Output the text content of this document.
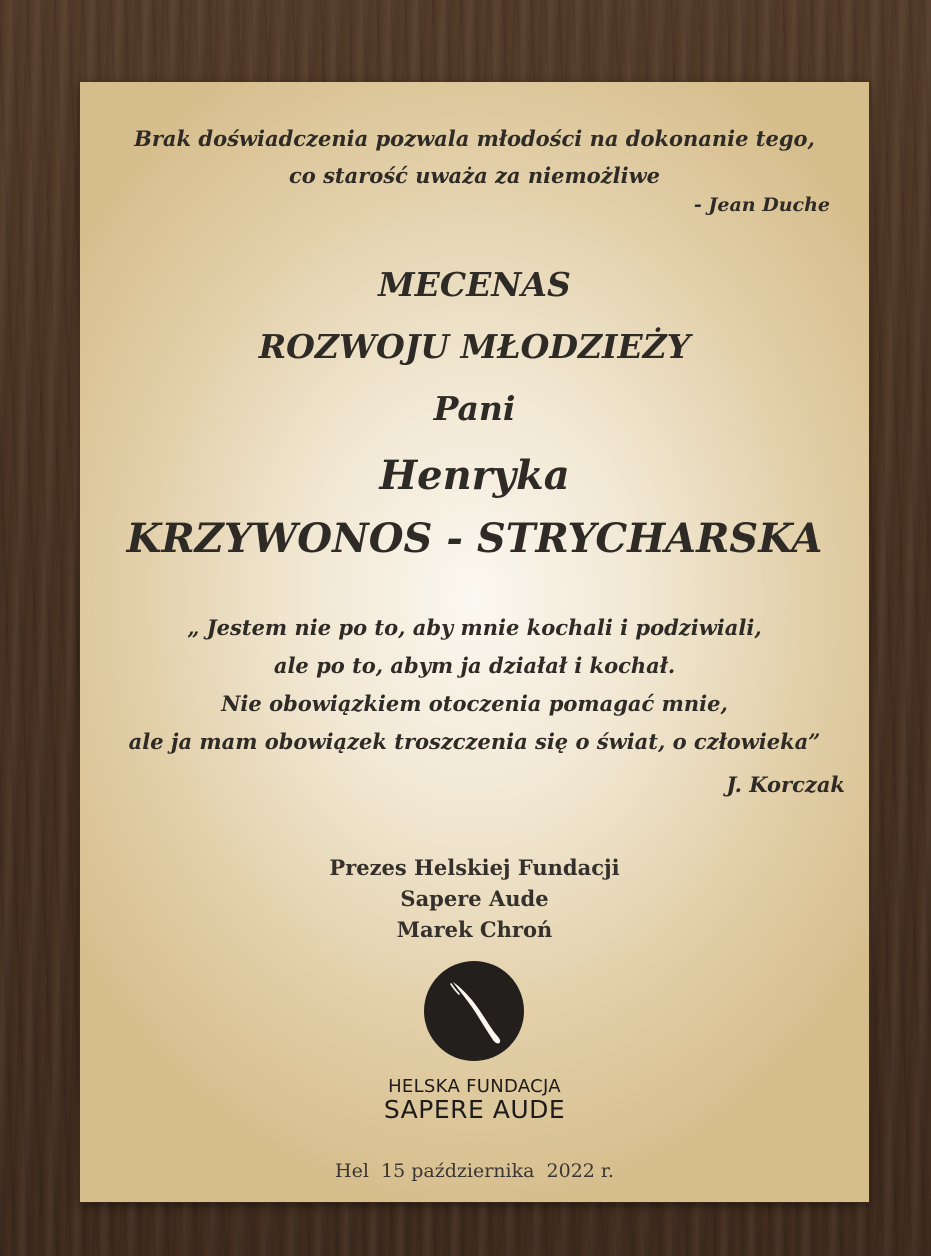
Brak doświadczenia pozwala młodości na dokonanie tego,
co starość uważa za niemożliwe

- Jean Duche

MECENAS
ROZWOJU MŁODZIEŻY
Pani

Henryka

KRZYWONOS - STRYCHARSKA

„ Jestem nie po to, aby mnie kochali i podziwiali,
ale po to, abym ja działał i kochał.
Nie obowiązkiem otoczenia pomagać mnie,
ale ja mam obowiązek troszczenia się o świat, o człowieka”

J. Korczak

Prezes Helskiej Fundacji
Sapere Aude
Marek Chroń

HELSKA FUNDACJA
SAPERE AUDE
Hel  15 października  2022 r.
